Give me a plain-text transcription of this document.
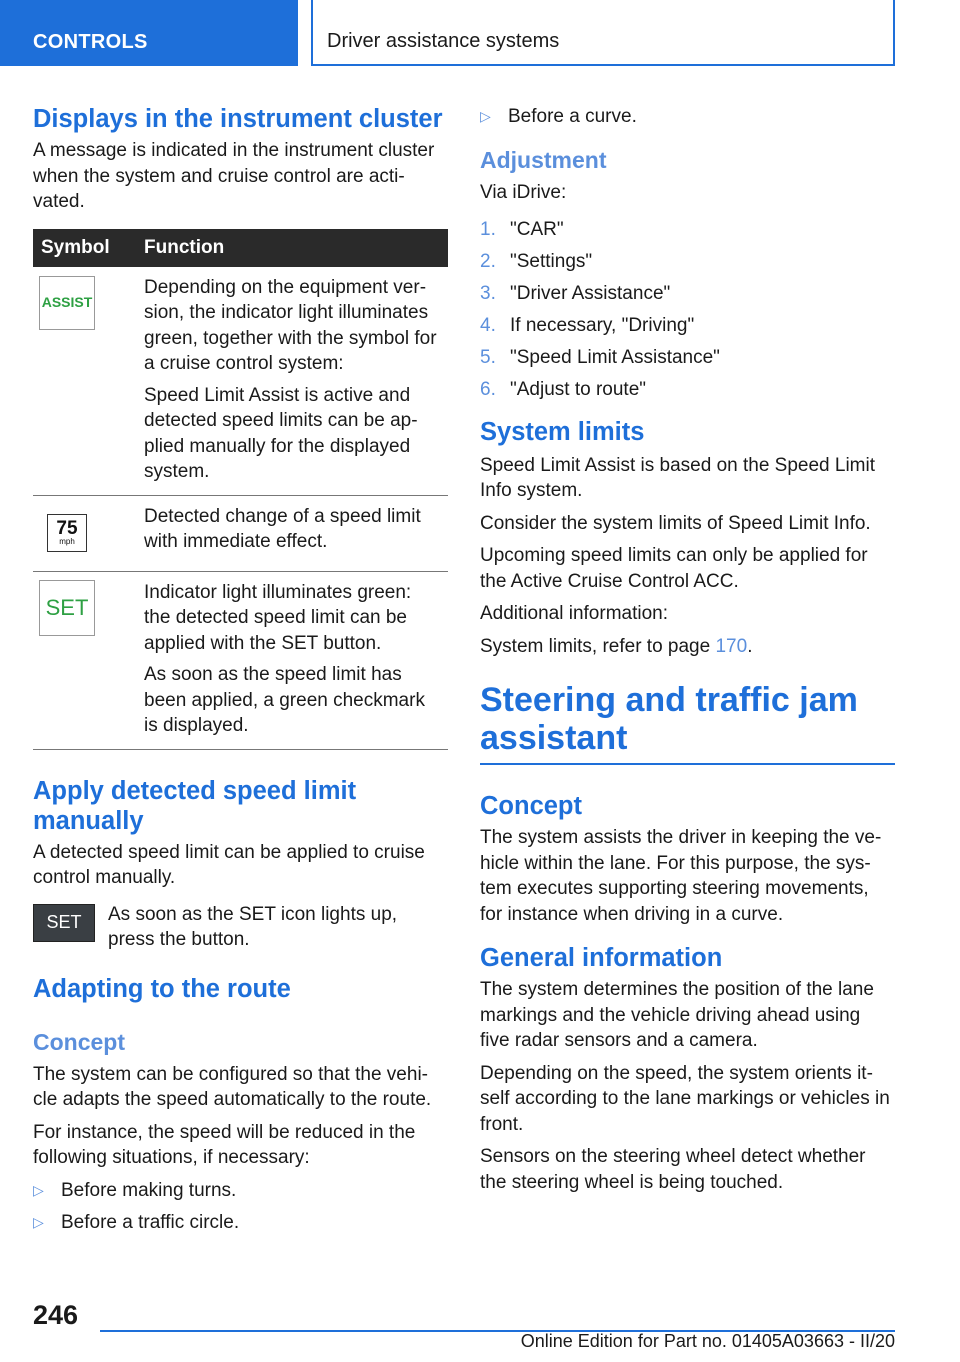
CONTROLS	Driver assistance systems
Displays in the instrument cluster

A message is indicated in the instrument cluster when the system and cruise control are acti-vated.

Symbol	Function

ASSIST	Depending on the equipment ver-sion, the indicator light illuminates green, together with the symbol for a cruise control system:

Speed Limit Assist is active and detected speed limits can be ap-plied manually for the displayed system.

75
mph	Detected change of a speed limit with immediate effect.

SET	Indicator light illuminates green: the detected speed limit can be applied with the SET button.

As soon as the speed limit has been applied, a green checkmark is displayed.

Apply detected speed limit manually

A detected speed limit can be applied to cruise control manually.

SET	As soon as the SET icon lights up, press the button.

Adapting to the route
Concept

The system can be configured so that the vehi-cle adapts the speed automatically to the route.

For instance, the speed will be reduced in the following situations, if necessary:

▷ Before making turns.
▷ Before a traffic circle.
▷ Before a curve.
Adjustment

Via iDrive:

1. "CAR"
2. "Settings"
3. "Driver Assistance"
4. If necessary, "Driving"
5. "Speed Limit Assistance"
6. "Adjust to route"
System limits

Speed Limit Assist is based on the Speed Limit Info system.

Consider the system limits of Speed Limit Info.

Upcoming speed limits can only be applied for the Active Cruise Control ACC.

Additional information:

System limits, refer to page 170.

Steering and traffic jam assistant
Concept

The system assists the driver in keeping the ve-hicle within the lane. For this purpose, the sys-tem executes supporting steering movements, for instance when driving in a curve.

General information

The system determines the position of the lane markings and the vehicle driving ahead using five radar sensors and a camera.

Depending on the speed, the system orients it-self according to the lane markings or vehicles in front.

Sensors on the steering wheel detect whether the steering wheel is being touched.

246
Online Edition for Part no. 01405A03663 - II/20
